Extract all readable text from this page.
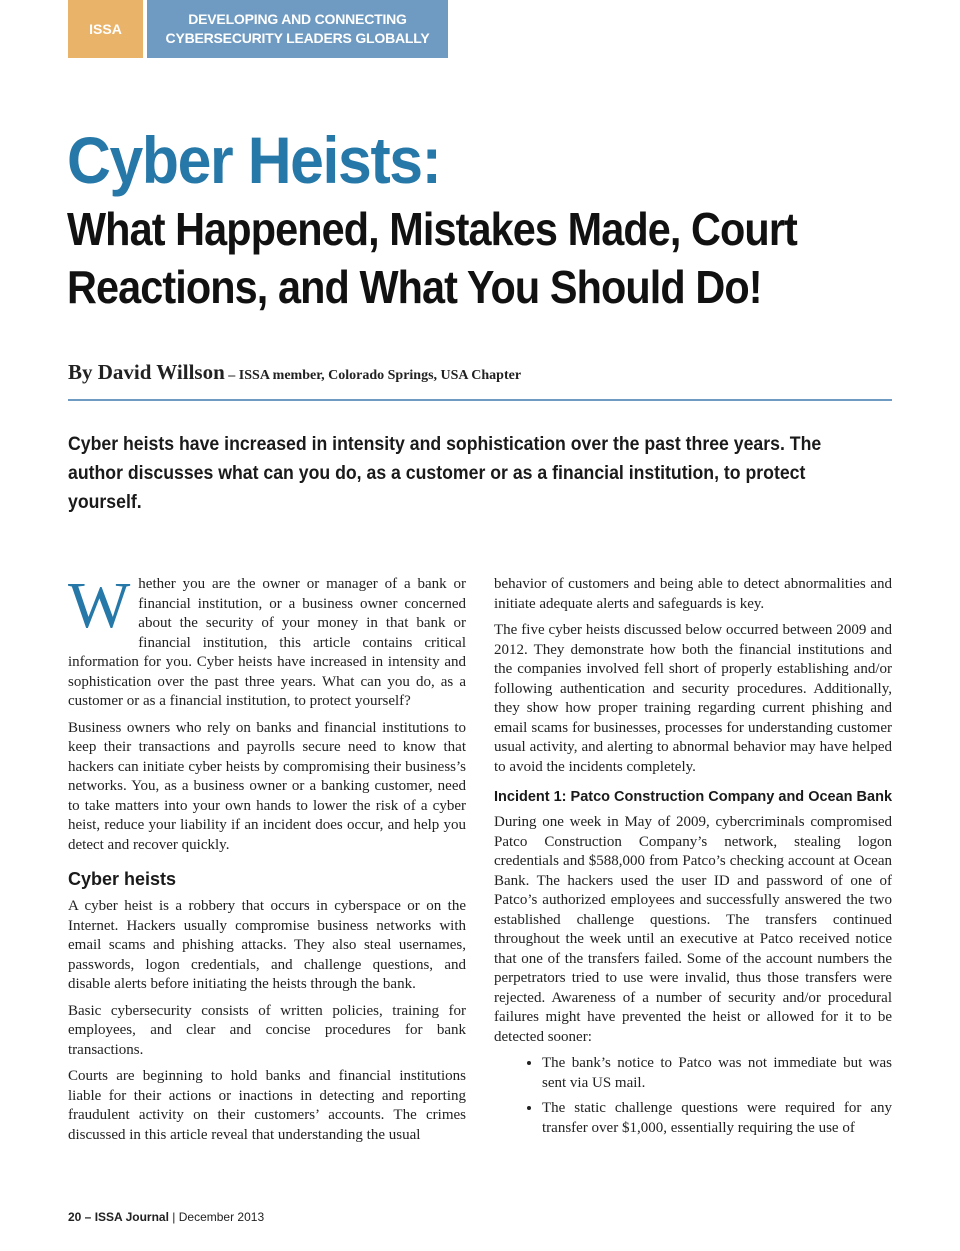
ISSA
DEVELOPING AND CONNECTING
CYBERSECURITY LEADERS GLOBALLY
Cyber Heists:
What Happened, Mistakes Made, Court Reactions, and What You Should Do!
By David Willson – ISSA member, Colorado Springs, USA Chapter

Cyber heists have increased in intensity and sophistication over the past three years. The author discusses what can you do, as a customer or as a financial institution, to protect yourself.

Whether you are the owner or manager of a bank or financial institution, or a business owner concerned about the security of your money in that bank or financial institution, this article contains critical information for you. Cyber heists have increased in intensity and sophistication over the past three years. What can you do, as a customer or as a financial institution, to protect yourself?

Business owners who rely on banks and financial institutions to keep their transactions and payrolls secure need to know that hackers can initiate cyber heists by compromising their business’s networks. You, as a business owner or a banking customer, need to take matters into your own hands to lower the risk of a cyber heist, reduce your liability if an incident does occur, and help you detect and recover quickly.

Cyber heists

A cyber heist is a robbery that occurs in cyberspace or on the Internet. Hackers usually compromise business networks with email scams and phishing attacks. They also steal usernames, passwords, logon credentials, and challenge questions, and disable alerts before initiating the heists through the bank.

Basic cybersecurity consists of written policies, training for employees, and clear and concise procedures for bank transactions.

Courts are beginning to hold banks and financial institutions liable for their actions or inactions in detecting and reporting fraudulent activity on their customers’ accounts. The crimes discussed in this article reveal that understanding the usual

behavior of customers and being able to detect abnormalities and initiate adequate alerts and safeguards is key.

The five cyber heists discussed below occurred between 2009 and 2012. They demonstrate how both the financial institutions and the companies involved fell short of properly establishing and/or following authentication and security procedures. Additionally, they show how proper training regarding current phishing and email scams for businesses, processes for understanding customer usual activity, and alerting to abnormal behavior may have helped to avoid the incidents completely.

Incident 1: Patco Construction Company and Ocean Bank

During one week in May of 2009, cybercriminals compromised Patco Construction Company’s network, stealing logon credentials and $588,000 from Patco’s checking account at Ocean Bank. The hackers used the user ID and password of one of Patco’s authorized employees and successfully answered the two established challenge questions. The transfers continued throughout the week until an executive at Patco received notice that one of the transfers failed. Some of the account numbers the perpetrators tried to use were invalid, thus those transfers were rejected. Awareness of a number of security and/or procedural failures might have prevented the heist or allowed for it to be detected sooner:

• The bank’s notice to Patco was not immediate but was sent via US mail.
• The static challenge questions were required for any transfer over $1,000, essentially requiring the use of
20 – ISSA Journal | December 2013
